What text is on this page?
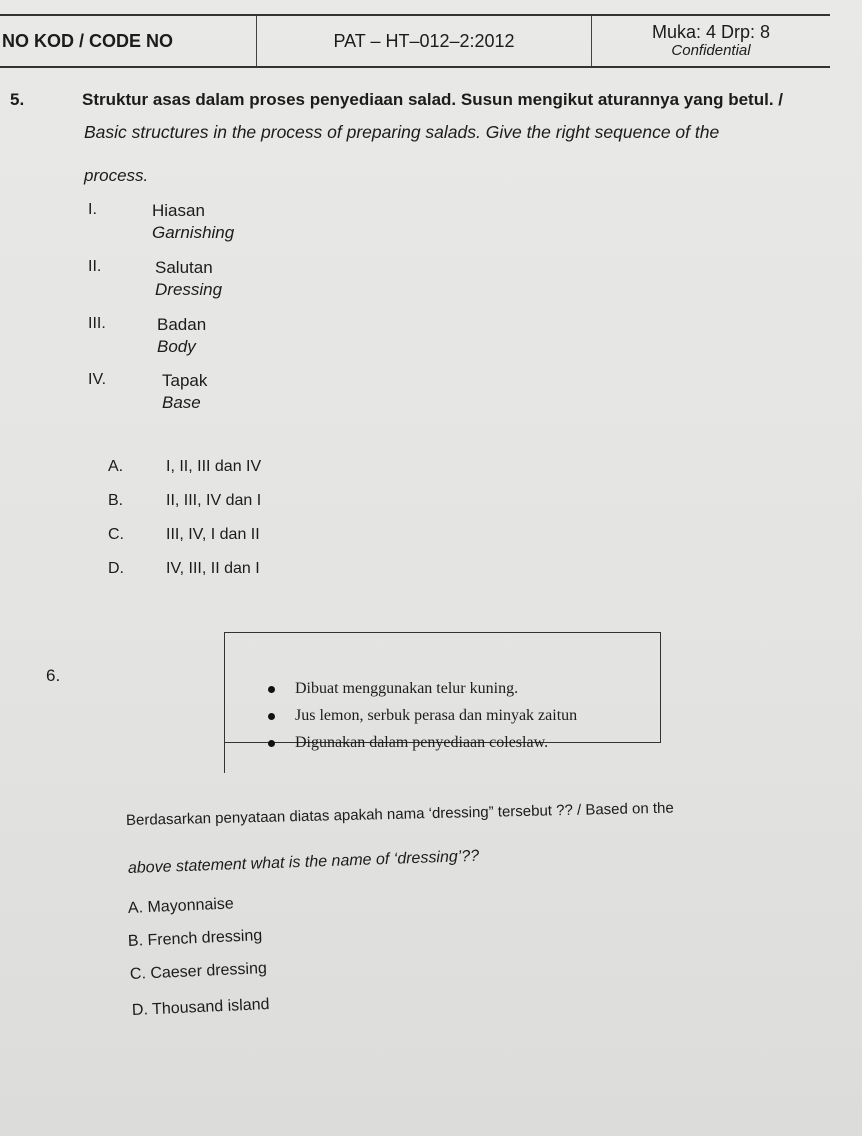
NO KOD / CODE NO	PAT – HT–012–2:2012	Muka: 4 Drp: 8
Confidential
5.	Struktur asas dalam proses penyediaan salad. Susun mengikut aturannya yang betul. /
Basic structures in the process of preparing salads. Give the right sequence of the
process.
I.	Hiasan
Garnishing
II.	Salutan
Dressing
III.	Badan
Body
IV.	Tapak
Base
A.	I, II, III dan IV
B.	II, III, IV dan I
C.	III, IV, I dan II
D.	IV, III, II dan I
6.
Dibuat menggunakan telur kuning.
Jus lemon, serbuk perasa dan minyak zaitun
Digunakan dalam penyediaan coleslaw.
Berdasarkan penyataan diatas apakah nama ‘dressing” tersebut ?? / Based on the
above statement what is the name of ‘dressing’??
A. Mayonnaise
B. French dressing
C. Caeser dressing
D. Thousand island
